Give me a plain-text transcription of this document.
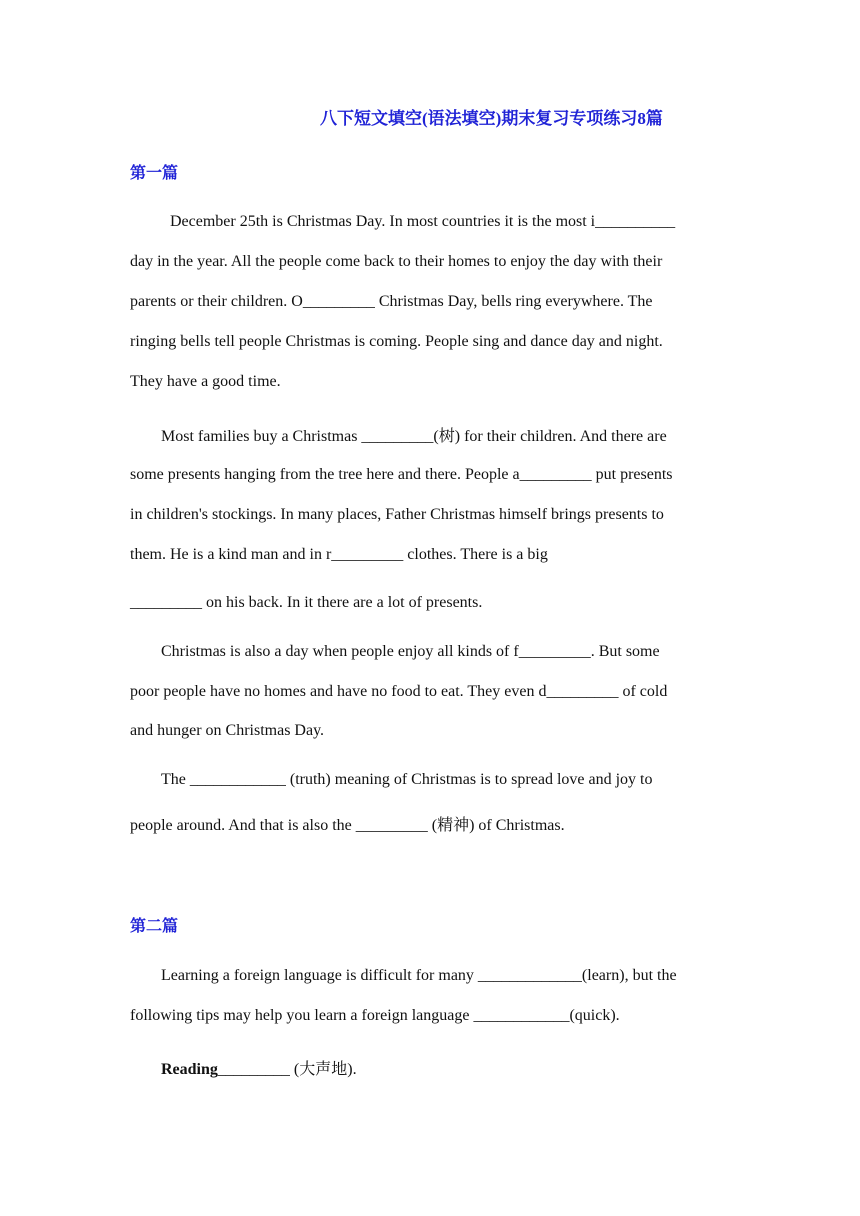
八下短文填空(语法填空)期末复习专项练习8篇
第一篇
December 25th is Christmas Day. In most countries it is the most i__________
day in the year. All the people come back to their homes to enjoy the day with their
parents or their children. O_________ Christmas Day, bells ring everywhere. The
ringing bells tell people Christmas is coming. People sing and dance day and night.
They have a good time.
Most families buy a Christmas _________(树) for their children. And there are
some presents hanging from the tree here and there. People a_________ put presents
in children's stockings. In many places, Father Christmas himself brings presents to
them. He is a kind man and in r_________ clothes. There is a big
_________ on his back. In it there are a lot of presents.
Christmas is also a day when people enjoy all kinds of f_________. But some
poor people have no homes and have no food to eat. They even d_________ of cold
and hunger on Christmas Day.
The ____________ (truth) meaning of Christmas is to spread love and joy to
people around. And that is also the _________ (精神) of Christmas.
第二篇
Learning a foreign language is difficult for many _____________(learn), but the
following tips may help you learn a foreign language ____________(quick).
Reading_________ (大声地).
